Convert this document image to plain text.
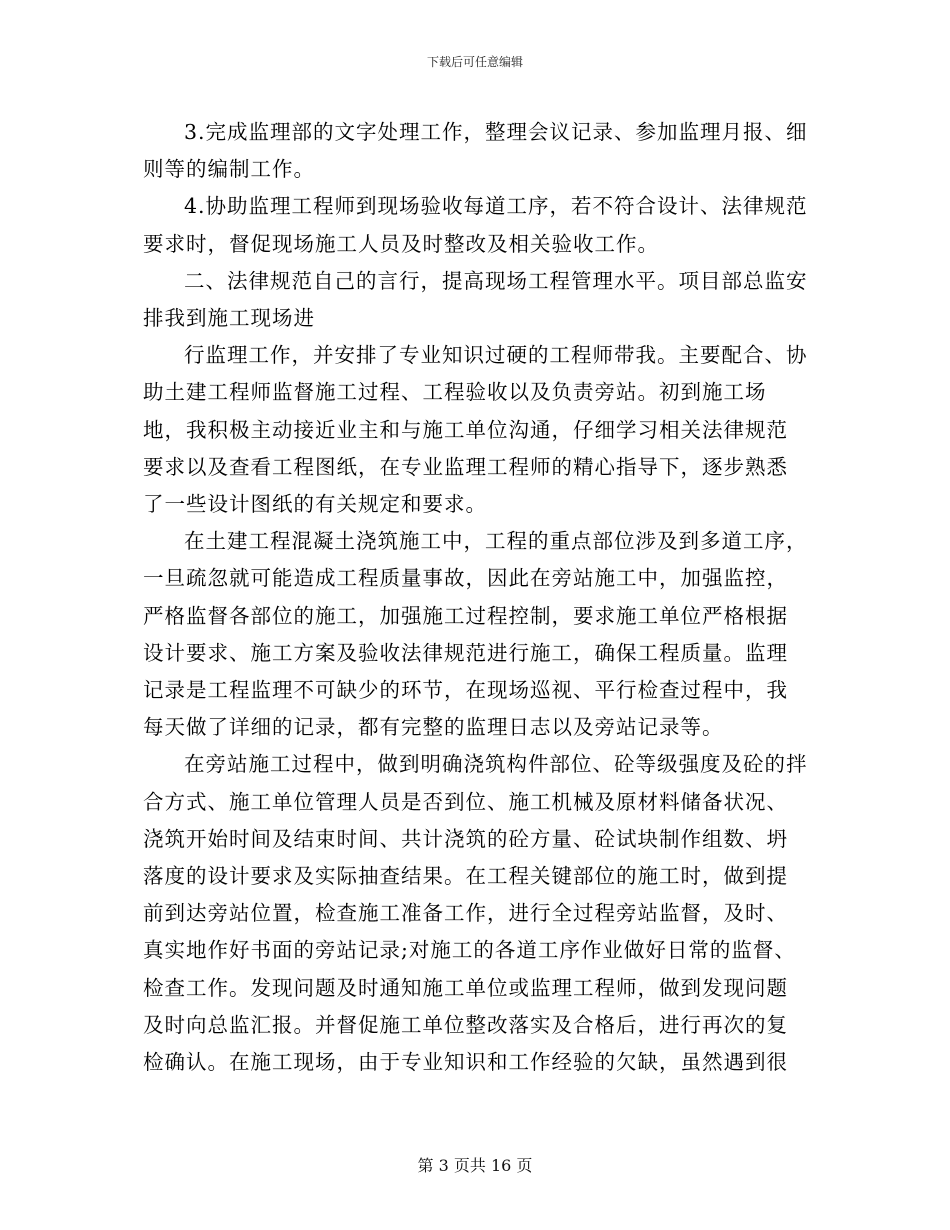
下载后可任意编辑

3.完成监理部的文字处理工作，整理会议记录、参加监理月报、细则等的编制工作。

4.协助监理工程师到现场验收每道工序，若不符合设计、法律规范要求时，督促现场施工人员及时整改及相关验收工作。

二、法律规范自己的言行，提高现场工程管理水平。项目部总监安排我到施工现场进

行监理工作，并安排了专业知识过硬的工程师带我。主要配合、协助土建工程师监督施工过程、工程验收以及负责旁站。初到施工场地，我积极主动接近业主和与施工单位沟通，仔细学习相关法律规范要求以及查看工程图纸，在专业监理工程师的精心指导下，逐步熟悉了一些设计图纸的有关规定和要求。

在土建工程混凝土浇筑施工中，工程的重点部位涉及到多道工序，一旦疏忽就可能造成工程质量事故，因此在旁站施工中，加强监控，严格监督各部位的施工，加强施工过程控制，要求施工单位严格根据设计要求、施工方案及验收法律规范进行施工，确保工程质量。监理记录是工程监理不可缺少的环节，在现场巡视、平行检查过程中，我每天做了详细的记录，都有完整的监理日志以及旁站记录等。

在旁站施工过程中，做到明确浇筑构件部位、砼等级强度及砼的拌合方式、施工单位管理人员是否到位、施工机械及原材料储备状况、浇筑开始时间及结束时间、共计浇筑的砼方量、砼试块制作组数、坍落度的设计要求及实际抽查结果。在工程关键部位的施工时，做到提前到达旁站位置，检查施工准备工作，进行全过程旁站监督，及时、真实地作好书面的旁站记录;对施工的各道工序作业做好日常的监督、检查工作。发现问题及时通知施工单位或监理工程师，做到发现问题及时向总监汇报。并督促施工单位整改落实及合格后，进行再次的复检确认。在施工现场，由于专业知识和工作经验的欠缺，虽然遇到很

第 3 页共 16 页
